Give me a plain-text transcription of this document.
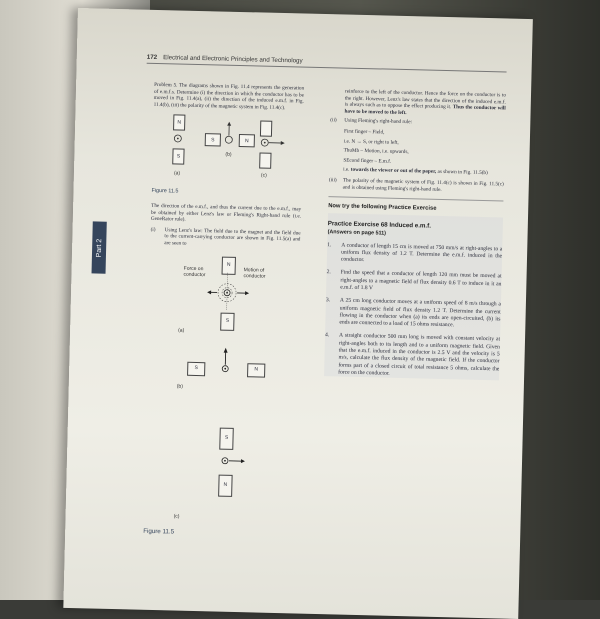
172 Electrical and Electronic Principles and Technology
Part 2

Problem 5. The diagrams shown in Fig. 11.4 represents the generation of e.m.f.s. Determine (i) the direction in which the conductor has to be moved in Fig. 11.4(a), (ii) the direction of the induced e.m.f. in Fig. 11.4(b), (iii) the polarity of the magnetic system in Fig. 11.4(c).

N
S
S	N
(a)
(b)
(c)
Figure 11.5

The direction of the e.m.f., and thus the current due to the e.m.f., may be obtained by either Lenz's law or Fleming's Right-hand rule (i.e. GeneRator rule).

(i)	Using Lenz's law: The field due to the magnet and the field due to the current-carrying conductor are shown in Fig. 11.5(a) and are seen to
N
Force on conductor
Motion of conductor
S
(a)
S	N
(b)
S
N
(c)
Figure 11.5

reinforce to the left of the conductor. Hence the force on the conductor is to the right. However, Lenz's law states that the direction of the induced e.m.f. is always such as to oppose the effect producing it. Thus the conductor will have to be moved to the left.

(ii)	Using Fleming's right-hand rule:
First finger – Field,
i.e. N → S, or right to left,
ThuMb – Motion, i.e. upwards,
SEcond finger – E.m.f.
i.e. towards the viewer or out of the paper, as shown in Fig. 11.5(b)
(iii)	The polarity of the magnetic system of Fig. 11.4(c) is shown in Fig. 11.5(c) and is obtained using Fleming's right-hand rule.
Now try the following Practice Exercise
Practice Exercise 68 Induced e.m.f.
(Answers on page 511)
1.	A conductor of length 15 cm is moved at 750 mm/s at right-angles to a uniform flux density of 1.2 T. Determine the e.m.f. induced in the conductor.
2.	Find the speed that a conductor of length 120 mm must be moved at right-angles to a magnetic field of flux density 0.6 T to induce in it an e.m.f. of 1.8 V
3.	A 25 cm long conductor moves at a uniform speed of 8 m/s through a uniform magnetic field of flux density 1.2 T. Determine the current flowing in the conductor when (a) its ends are open-circuited, (b) its ends are connected to a load of 15 ohms resistance.
4.	A straight conductor 500 mm long is moved with constant velocity at right-angles both to its length and to a uniform magnetic field. Given that the e.m.f. induced in the conductor is 2.5 V and the velocity is 5 m/s, calculate the flux density of the magnetic field. If the conductor forms part of a closed circuit of total resistance 5 ohms, calculate the force on the conductor.
